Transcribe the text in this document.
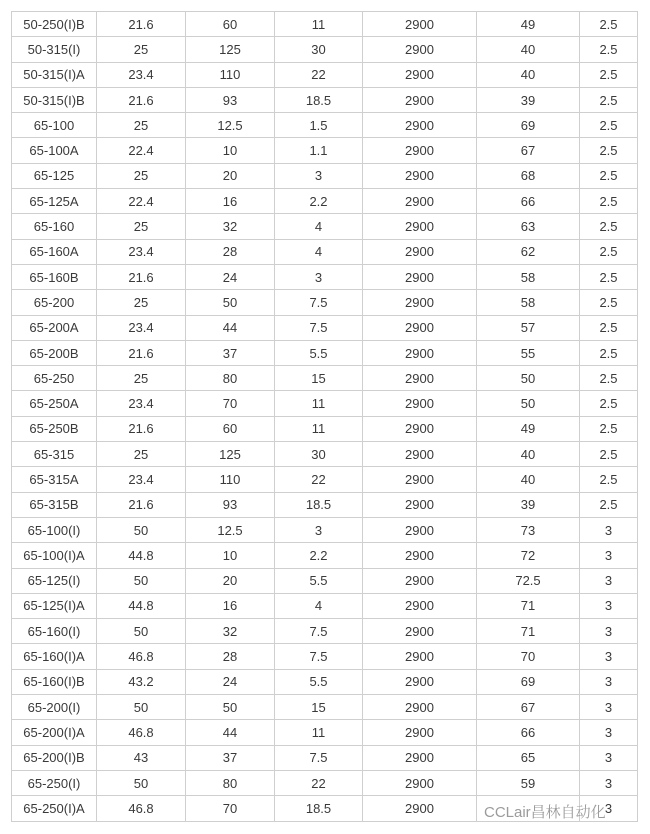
50-250(I)B	21.6	60	11	2900	49	2.5
50-315(I)	25	125	30	2900	40	2.5
50-315(I)A	23.4	110	22	2900	40	2.5
50-315(I)B	21.6	93	18.5	2900	39	2.5
65-100	25	12.5	1.5	2900	69	2.5
65-100A	22.4	10	1.1	2900	67	2.5
65-125	25	20	3	2900	68	2.5
65-125A	22.4	16	2.2	2900	66	2.5
65-160	25	32	4	2900	63	2.5
65-160A	23.4	28	4	2900	62	2.5
65-160B	21.6	24	3	2900	58	2.5
65-200	25	50	7.5	2900	58	2.5
65-200A	23.4	44	7.5	2900	57	2.5
65-200B	21.6	37	5.5	2900	55	2.5
65-250	25	80	15	2900	50	2.5
65-250A	23.4	70	11	2900	50	2.5
65-250B	21.6	60	11	2900	49	2.5
65-315	25	125	30	2900	40	2.5
65-315A	23.4	110	22	2900	40	2.5
65-315B	21.6	93	18.5	2900	39	2.5
65-100(I)	50	12.5	3	2900	73	3
65-100(I)A	44.8	10	2.2	2900	72	3
65-125(I)	50	20	5.5	2900	72.5	3
65-125(I)A	44.8	16	4	2900	71	3
65-160(I)	50	32	7.5	2900	71	3
65-160(I)A	46.8	28	7.5	2900	70	3
65-160(I)B	43.2	24	5.5	2900	69	3
65-200(I)	50	50	15	2900	67	3
65-200(I)A	46.8	44	11	2900	66	3
65-200(I)B	43	37	7.5	2900	65	3
65-250(I)	50	80	22	2900	59	3
65-250(I)A	46.8	70	18.5	2900		3
CCLair昌林自动化
